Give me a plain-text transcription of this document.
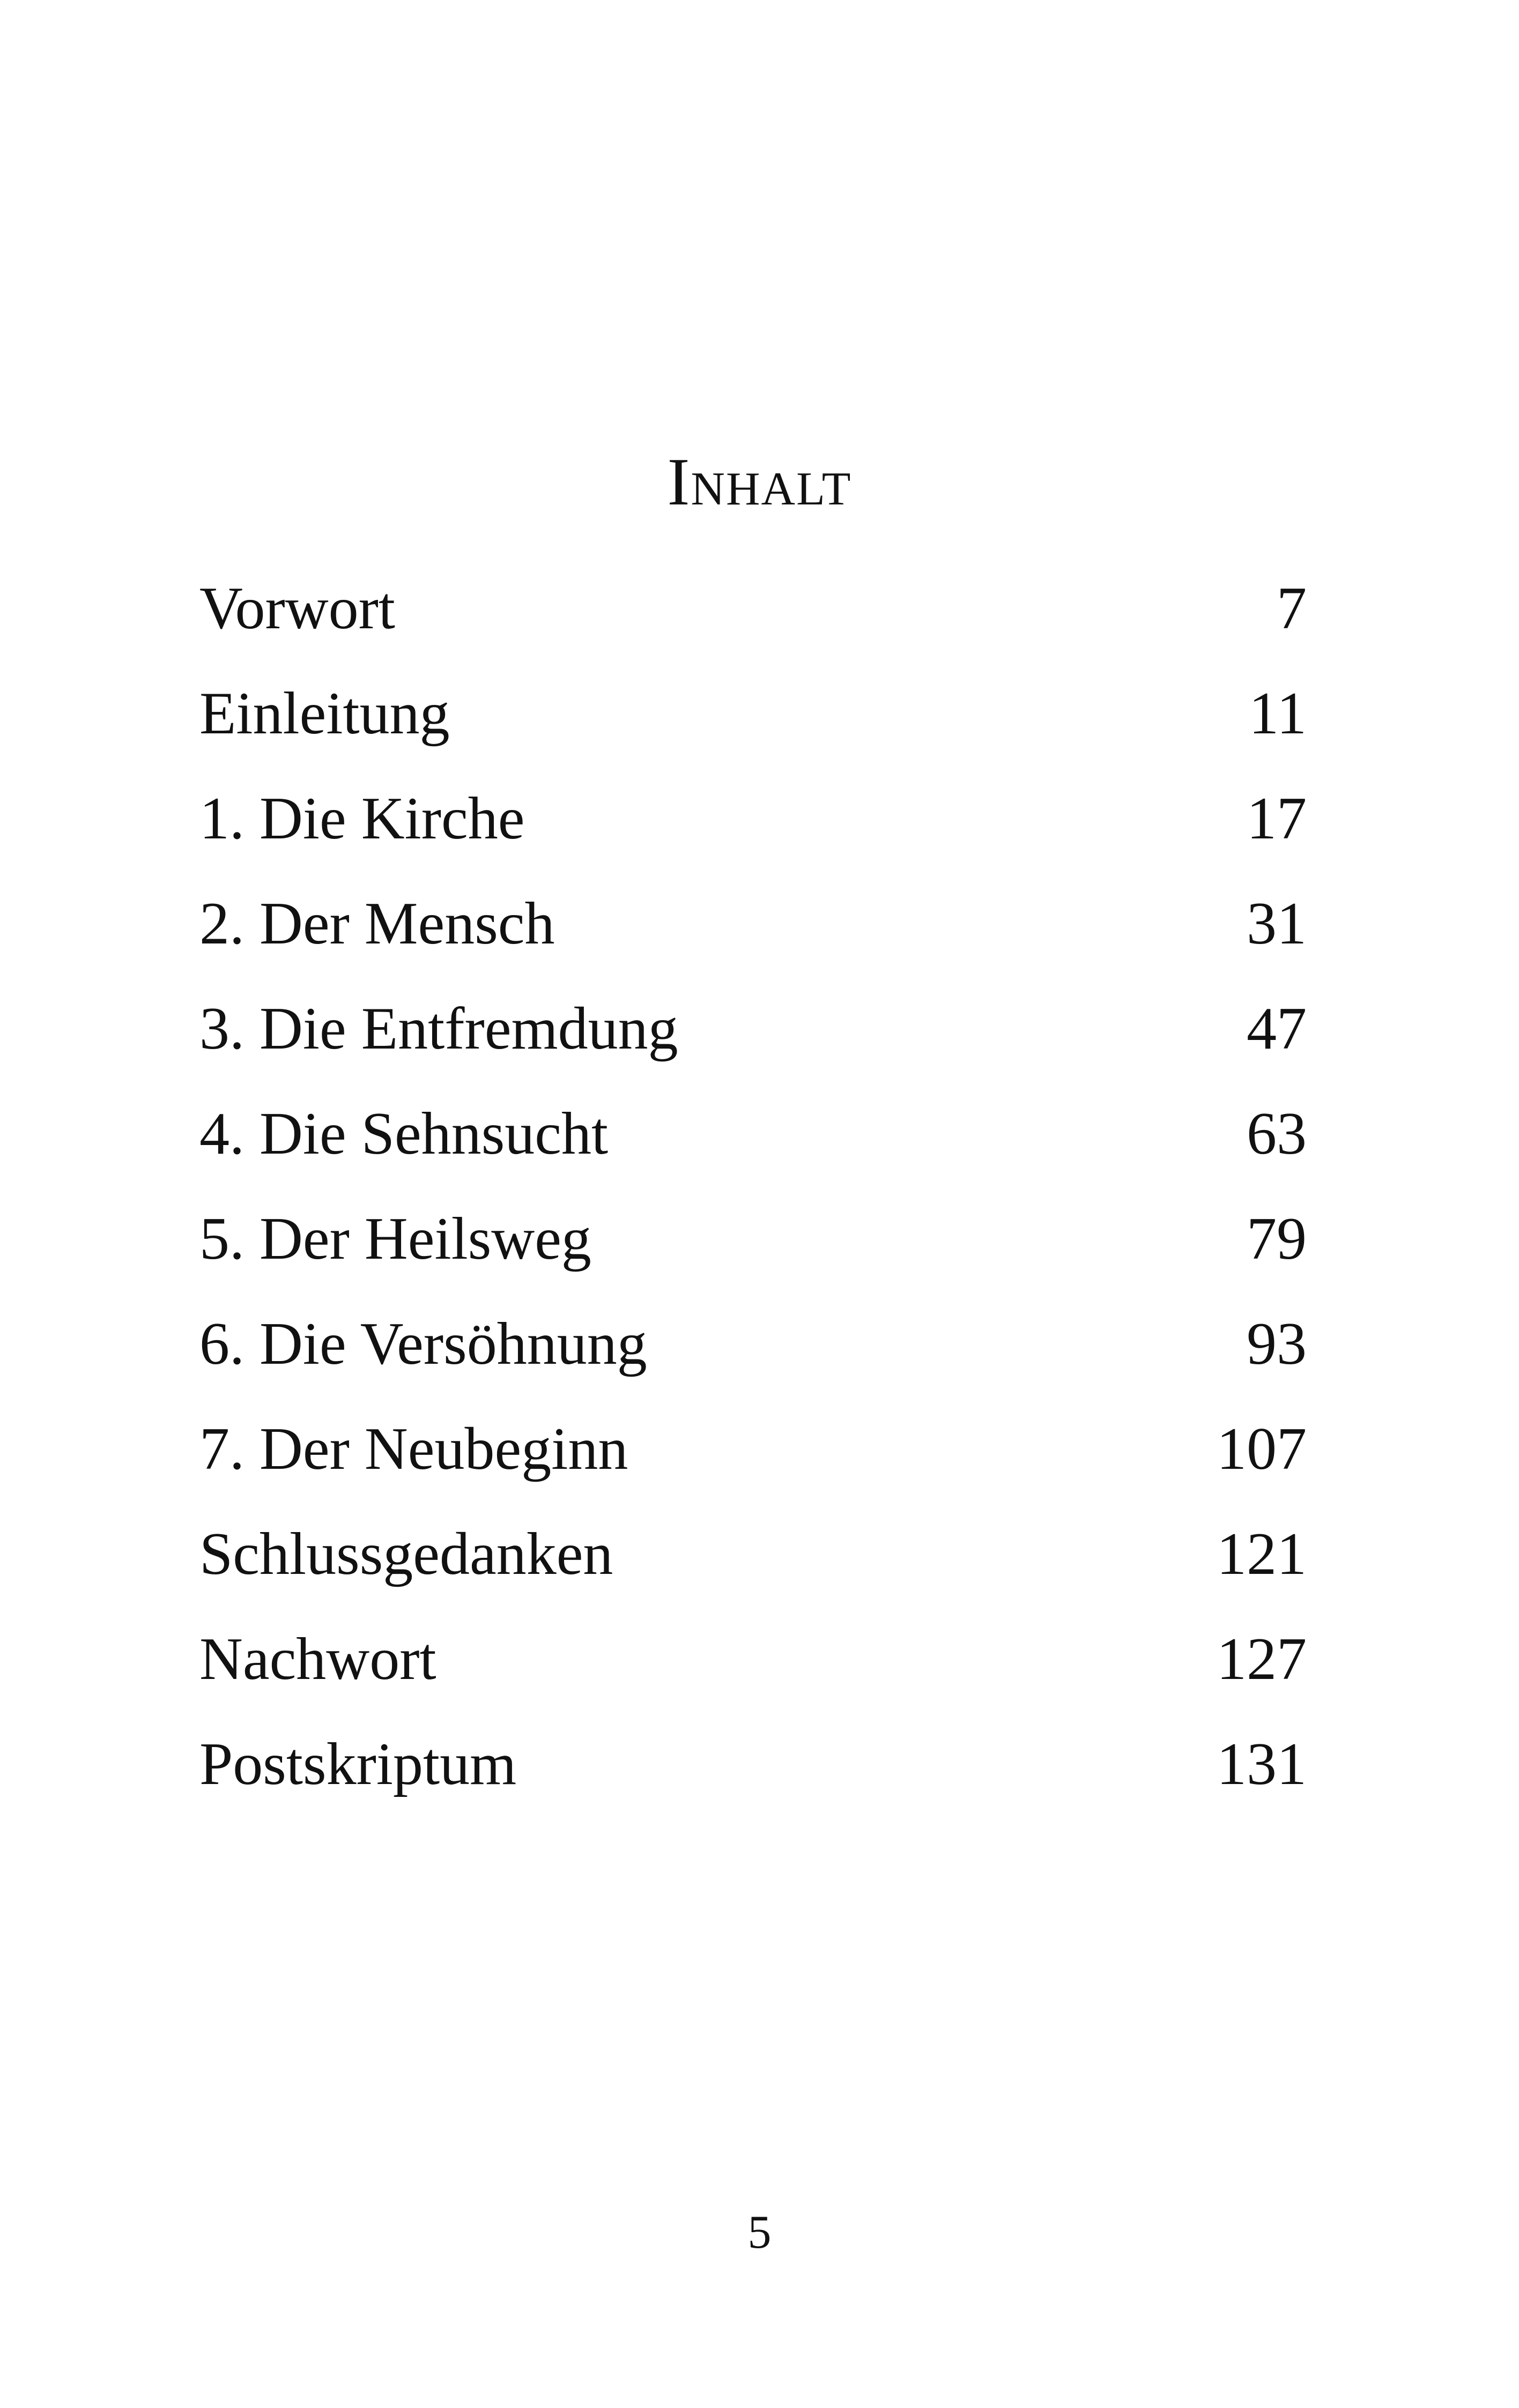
Inhalt
Vorwort	7
Einleitung	11
1. Die Kirche	17
2. Der Mensch	31
3. Die Entfremdung	47
4. Die Sehnsucht	63
5. Der Heilsweg	79
6. Die Versöhnung	93
7. Der Neubeginn	107
Schlussgedanken	121
Nachwort	127
Postskriptum	131
5
